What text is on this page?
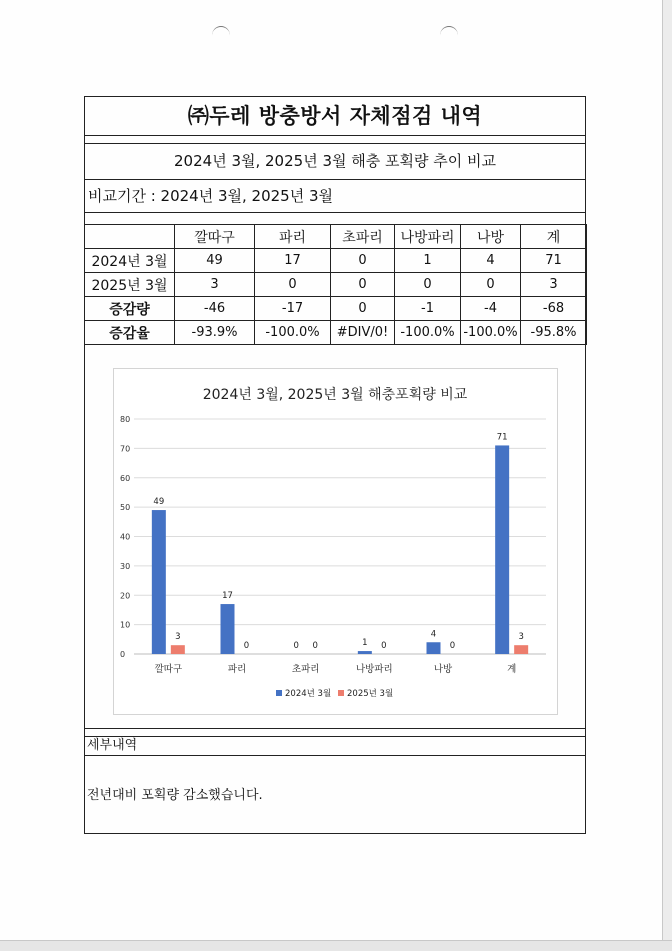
㈜두레 방충방서 자체점검 내역
2024년 3월, 2025년 3월 해충 포획량 추이 비교
비교기간 : 2024년 3월, 2025년 3월
	깔따구	파리	초파리	나방파리	나방	계
2024년 3월	49	17	0	1	4	71
2025년 3월	3	0	0	0	0	3
증감량	-46	-17	0	-1	-4	-68
증감율	-93.9%	-100.0%	#DIV/0!	-100.0%	-100.0%	-95.8%
2024년 3월, 2025년 3월 해충포획량 비교
0
10
20
30
40
50
60
70
80
49
3
깔따구
17
0
파리
0 0
초파리
1 0
나방파리
4
0
나방
71
3
계
2024년 3월 2025년 3월
세부내역
전년대비 포획량 감소했습니다.
